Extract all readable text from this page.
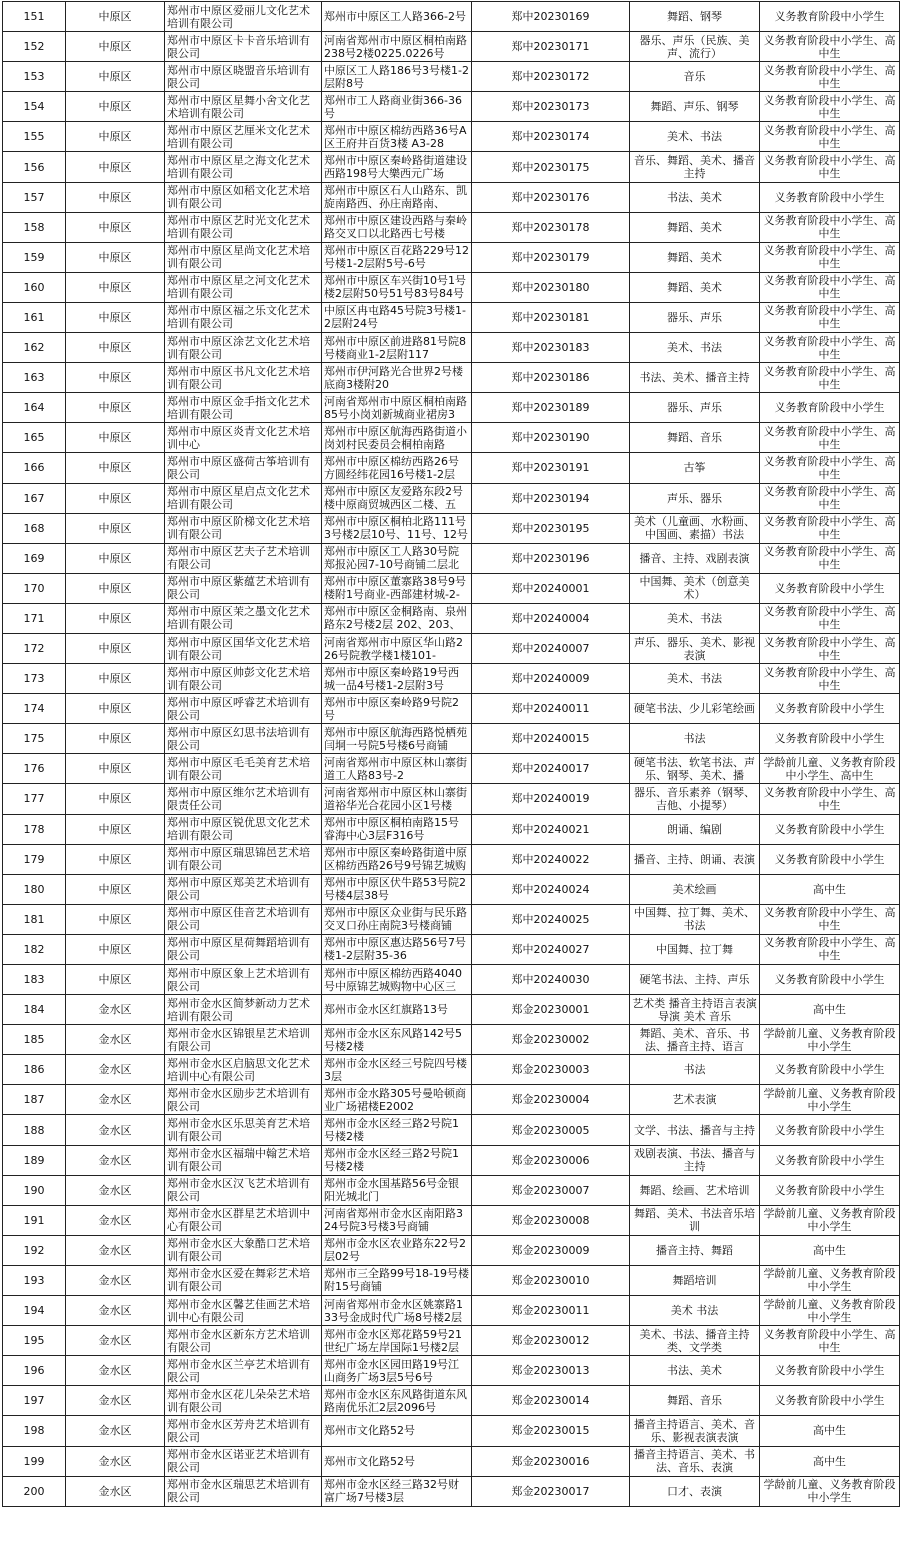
151	中原区	郑州市中原区爱丽儿文化艺术培训有限公司	郑州市中原区工人路366-2号	郑中20230169	舞蹈、钢琴	义务教育阶段中小学生

152	中原区	郑州市中原区卡卡音乐培训有限公司	河南省郑州市中原区桐柏南路238号2楼0225.0226号	郑中20230171	器乐、声乐（民族、美声、流行）	义务教育阶段中小学生、高中生

153	中原区	郑州市中原区晓盟音乐培训有限公司	中原区工人路186号3号楼1-2层附8号	郑中20230172	音乐	义务教育阶段中小学生、高中生

154	中原区	郑州市中原区星舞小舍文化艺术培训有限公司	郑州市工人路商业街366-36号	郑中20230173	舞蹈、声乐、钢琴	义务教育阶段中小学生、高中生

155	中原区	郑州市中原区艺厘米文化艺术培训有限公司	郑州市中原区棉纺西路36号A区王府井百货3楼 A3-28	郑中20230174	美术、书法	义务教育阶段中小学生、高中生

156	中原区	郑州市中原区星之海文化艺术培训有限公司	郑州市中原区秦岭路街道建设西路198号大樂西元广场	郑中20230175	音乐、舞蹈、美术、播音主持	义务教育阶段中小学生、高中生

157	中原区	郑州市中原区如稻文化艺术培训有限公司	郑州市中原区石人山路东、凯旋南路西、孙庄南路南、	郑中20230176	书法、美术	义务教育阶段中小学生

158	中原区	郑州市中原区艺时光文化艺术培训有限公司	郑州市中原区建设西路与秦岭路交叉口以北路西七号楼	郑中20230178	舞蹈、美术	义务教育阶段中小学生、高中生

159	中原区	郑州市中原区星尚文化艺术培训有限公司	郑州市中原区百花路229号12号楼1-2层附5号-6号	郑中20230179	舞蹈、美术	义务教育阶段中小学生、高中生

160	中原区	郑州市中原区星之河文化艺术培训有限公司	郑州市中原区车兴街10号1号楼2层附50号51号83号84号	郑中20230180	舞蹈、美术	义务教育阶段中小学生、高中生

161	中原区	郑州市中原区福之乐文化艺术培训有限公司	中原区冉屯路45号院3号楼1-2层附24号	郑中20230181	器乐、声乐	义务教育阶段中小学生、高中生

162	中原区	郑州市中原区涂艺文化艺术培训有限公司	郑州市中原区前进路81号院8号楼商业1-2层附117	郑中20230183	美术、书法	义务教育阶段中小学生、高中生

163	中原区	郑州市中原区书凡文化艺术培训有限公司	郑州市伊河路光合世界2号楼底商3楼附20	郑中20230186	书法、美术、播音主持	义务教育阶段中小学生、高中生

164	中原区	郑州市中原区金手指文化艺术培训有限公司	河南省郑州市中原区桐柏南路85号小岗刘新城商业裙房3	郑中20230189	器乐、声乐	义务教育阶段中小学生

165	中原区	郑州市中原区炎青文化艺术培训中心	郑州市中原区航海西路街道小岗刘村民委员会桐柏南路	郑中20230190	舞蹈、音乐	义务教育阶段中小学生、高中生

166	中原区	郑州市中原区盛荷古筝培训有限公司	郑州市中原区棉纺西路26号方圆经纬花园16号楼1-2层	郑中20230191	古筝	义务教育阶段中小学生、高中生

167	中原区	郑州市中原区星启点文化艺术培训有限公司	郑州市中原区友爱路东段2号楼中原商贸城西区二楼、五	郑中20230194	声乐、器乐	义务教育阶段中小学生、高中生

168	中原区	郑州市中原区阶梯文化艺术培训有限公司	郑州市中原区桐柏北路111号3号楼2层10号、11号、12号	郑中20230195	美术（儿童画、水粉画、中国画、素描）书法	义务教育阶段中小学生、高中生

169	中原区	郑州市中原区艺夫子艺术培训有限公司	郑州市中原区工人路30号院郑报沁园7-10号商铺二层北	郑中20230196	播音、主持、戏剧表演	义务教育阶段中小学生、高中生

170	中原区	郑州市中原区紫蕴艺术培训有限公司	郑州市中原区董寨路38号9号楼附1号商业-西部建材城-2-	郑中20240001	中国舞、美术（创意美术）	义务教育阶段中小学生

171	中原区	郑州市中原区茉之墨文化艺术培训有限公司	郑州市中原区金桐路南、泉州路东2号楼2层 202、203、	郑中20240004	美术、书法	义务教育阶段中小学生、高中生

172	中原区	郑州市中原区国华文化艺术培训有限公司	河南省郑州市中原区华山路226号院教学楼1楼101-	郑中20240007	声乐、器乐、美术、影视表演	义务教育阶段中小学生、高中生

173	中原区	郑州市中原区帅彭文化艺术培训有限公司	郑州市中原区秦岭路19号西城一品4号楼1-2层附3号	郑中20240009	美术、书法	义务教育阶段中小学生、高中生

174	中原区	郑州市中原区呼睿艺术培训有限公司	郑州市中原区秦岭路9号院2号	郑中20240011	硬笔书法、少儿彩笔绘画	义务教育阶段中小学生

175	中原区	郑州市中原区幻思书法培训有限公司	郑州市中原区航海西路悦栖苑闫垌一号院5号楼6号商铺	郑中20240015	书法	义务教育阶段中小学生

176	中原区	郑州市中原区毛毛美育艺术培训有限公司	河南省郑州市中原区林山寨街道工人路83号-2	郑中20240017	硬笔书法、软笔书法、声乐、钢琴、美术、播	学龄前儿童、义务教育阶段中小学生、高中生

177	中原区	郑州市中原区维尔艺术培训有限责任公司	河南省郑州市中原区林山寨街道裕华光合花园小区1号楼	郑中20240019	器乐、音乐素养（钢琴、吉他、小提琴）	义务教育阶段中小学生、高中生

178	中原区	郑州市中原区锐优思文化艺术培训有限公司	郑州市中原区桐柏南路15号睿海中心3层F316号	郑中20240021	朗诵、编剧	义务教育阶段中小学生

179	中原区	郑州市中原区瑞思锦邑艺术培训有限公司	郑州市中原区秦岭路街道中原区棉纺西路26号9号锦艺城购	郑中20240022	播音、主持、朗诵、表演	义务教育阶段中小学生

180	中原区	郑州市中原区郑美艺术培训有限公司	郑州市中原区伏牛路53号院2号楼4层38号	郑中20240024	美术绘画	高中生

181	中原区	郑州市中原区佳音艺术培训有限公司	郑州市中原区众业街与民乐路交叉口孙庄南院3号楼商铺	郑中20240025	中国舞、拉丁舞、美术、书法	义务教育阶段中小学生、高中生

182	中原区	郑州市中原区星荷舞蹈培训有限公司	郑州市中原区惠达路56号7号楼1-2层附35-36	郑中20240027	中国舞、拉丁舞	义务教育阶段中小学生、高中生

183	中原区	郑州市中原区象上艺术培训有限公司	郑州市中原区棉纺西路4040号中原锦艺城购物中心区三	郑中20240030	硬笔书法、主持、声乐	义务教育阶段中小学生

184	金水区	郑州市金水区简梦新动力艺术培训有限公司	郑州市金水区红旗路13号	郑金20230001	艺术类 播音主持语言表演 导演 美术 音乐	高中生

185	金水区	郑州市金水区锦银星艺术培训有限公司	郑州市金水区东风路142号5号楼2楼	郑金20230002	舞蹈、美术、音乐、书法、播音主持、语言	学龄前儿童、义务教育阶段中小学生

186	金水区	郑州市金水区启脑思文化艺术培训中心有限公司	郑州市金水区经三号院四号楼3层	郑金20230003	书法	义务教育阶段中小学生

187	金水区	郑州市金水区励步艺术培训有限公司	郑州市金水路305号曼哈顿商业广场裙楼E2002	郑金20230004	艺术表演	学龄前儿童、义务教育阶段中小学生

188	金水区	郑州市金水区乐思美育艺术培训有限公司	郑州市金水区经三路2号院1号楼2楼	郑金20230005	文学、书法、播音与主持	义务教育阶段中小学生

189	金水区	郑州市金水区福瑞中翰艺术培训有限公司	郑州市金水区经三路2号院1号楼2楼	郑金20230006	戏剧表演、书法、播音与主持	义务教育阶段中小学生

190	金水区	郑州市金水区汉飞艺术培训有限公司	郑州市金水国基路56号金银阳光城北门	郑金20230007	舞蹈、绘画、艺术培训	义务教育阶段中小学生

191	金水区	郑州市金水区群星艺术培训中心有限公司	河南省郑州市金水区南阳路324号院3号楼3号商铺	郑金20230008	舞蹈、美术、书法音乐培训	学龄前儿童、义务教育阶段中小学生

192	金水区	郑州市金水区大象酷口艺术培训有限公司	郑州市金水区农业路东22号2层02号	郑金20230009	播音主持、舞蹈	高中生

193	金水区	郑州市金水区爱在舞彩艺术培训有限公司	郑州市三全路99号18-19号楼附15号商铺	郑金20230010	舞蹈培训	学龄前儿童、义务教育阶段中小学生

194	金水区	郑州市金水区馨艺佳画艺术培训中心有限公司	河南省郑州市金水区姚寨路133号金成时代广场8号楼2层	郑金20230011	美术 书法	学龄前儿童、义务教育阶段中小学生

195	金水区	郑州市金水区新东方艺术培训有限公司	郑州市金水区郑花路59号21世纪广场左岸国际1号楼2层	郑金20230012	美术、书法、播音主持类、文学类	义务教育阶段中小学生、高中生

196	金水区	郑州市金水区兰亭艺术培训有限公司	郑州市金水区园田路19号江山商务广场3层5号6号	郑金20230013	书法、美术	义务教育阶段中小学生

197	金水区	郑州市金水区花儿朵朵艺术培训有限公司	郑州市金水区东风路街道东风路南优乐汇2层2096号	郑金20230014	舞蹈、音乐	义务教育阶段中小学生

198	金水区	郑州市金水区芳舟艺术培训有限公司	郑州市文化路52号	郑金20230015	播音主持语言、美术、音乐、影视表演表演	高中生

199	金水区	郑州市金水区诺亚艺术培训有限公司	郑州市文化路52号	郑金20230016	播音主持语言、美术、书法、音乐、表演	高中生

200	金水区	郑州市金水区瑞思艺术培训有限公司	郑州市金水区经三路32号财富广场7号楼3层	郑金20230017	口才、表演	学龄前儿童、义务教育阶段中小学生
